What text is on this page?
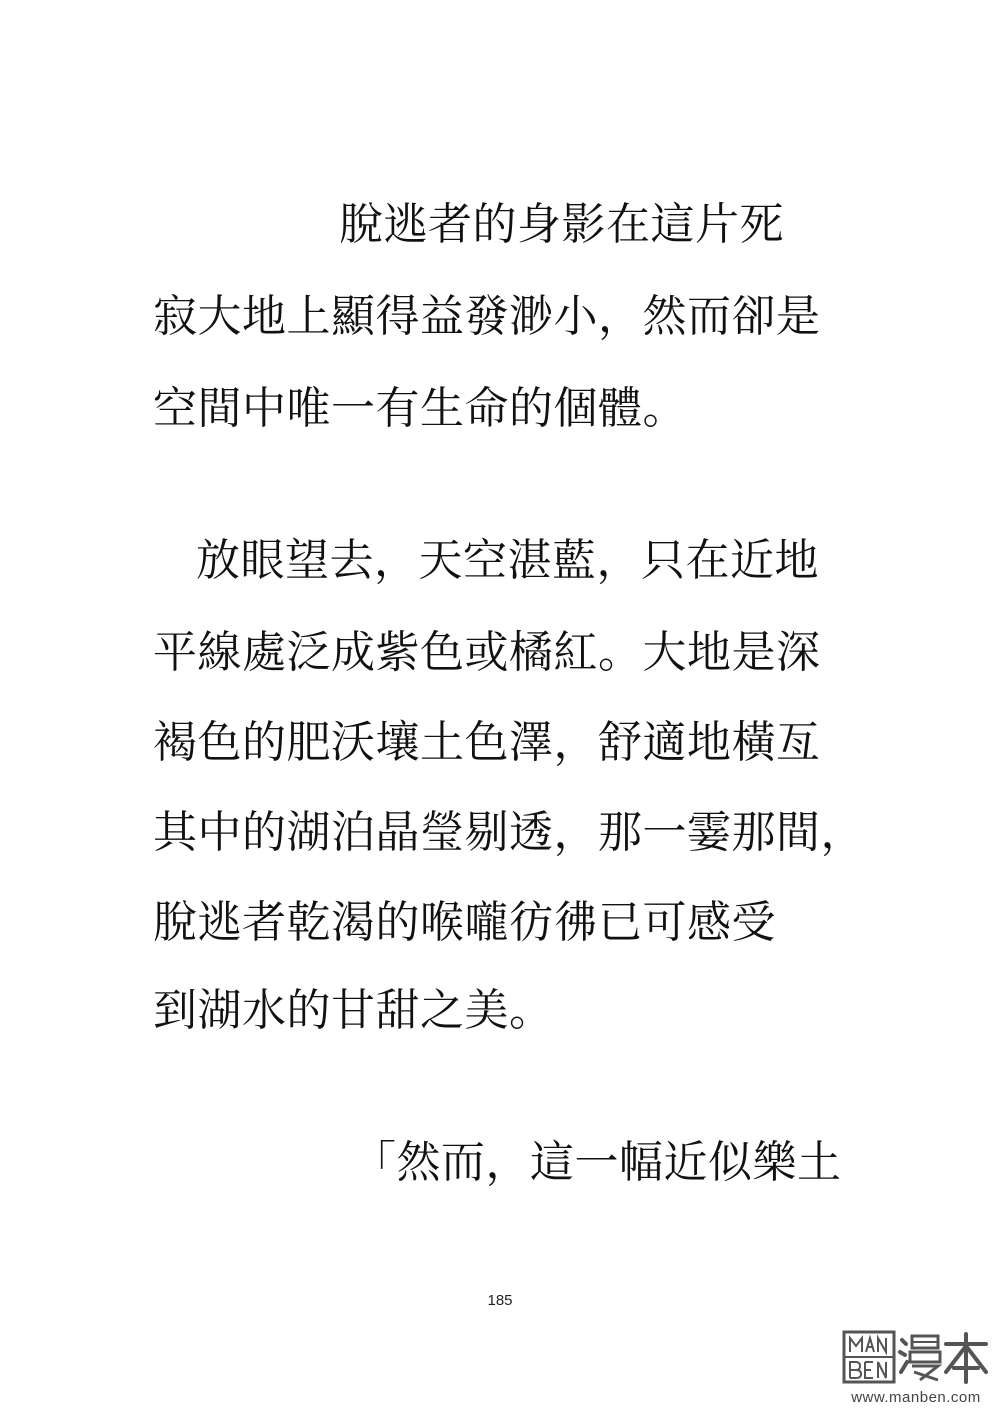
脫逃者的身影在這片死
寂大地上顯得益發渺小，然而卻是
空間中唯一有生命的個體。
放眼望去，天空湛藍，只在近地
平線處泛成紫色或橘紅。大地是深
褐色的肥沃壤土色澤，舒適地橫亙
其中的湖泊晶瑩剔透，那一霎那間，
脫逃者乾渴的喉嚨彷彿已可感受
到湖水的甘甜之美。
「然而，這一幅近似樂土
185
www.manben.com
